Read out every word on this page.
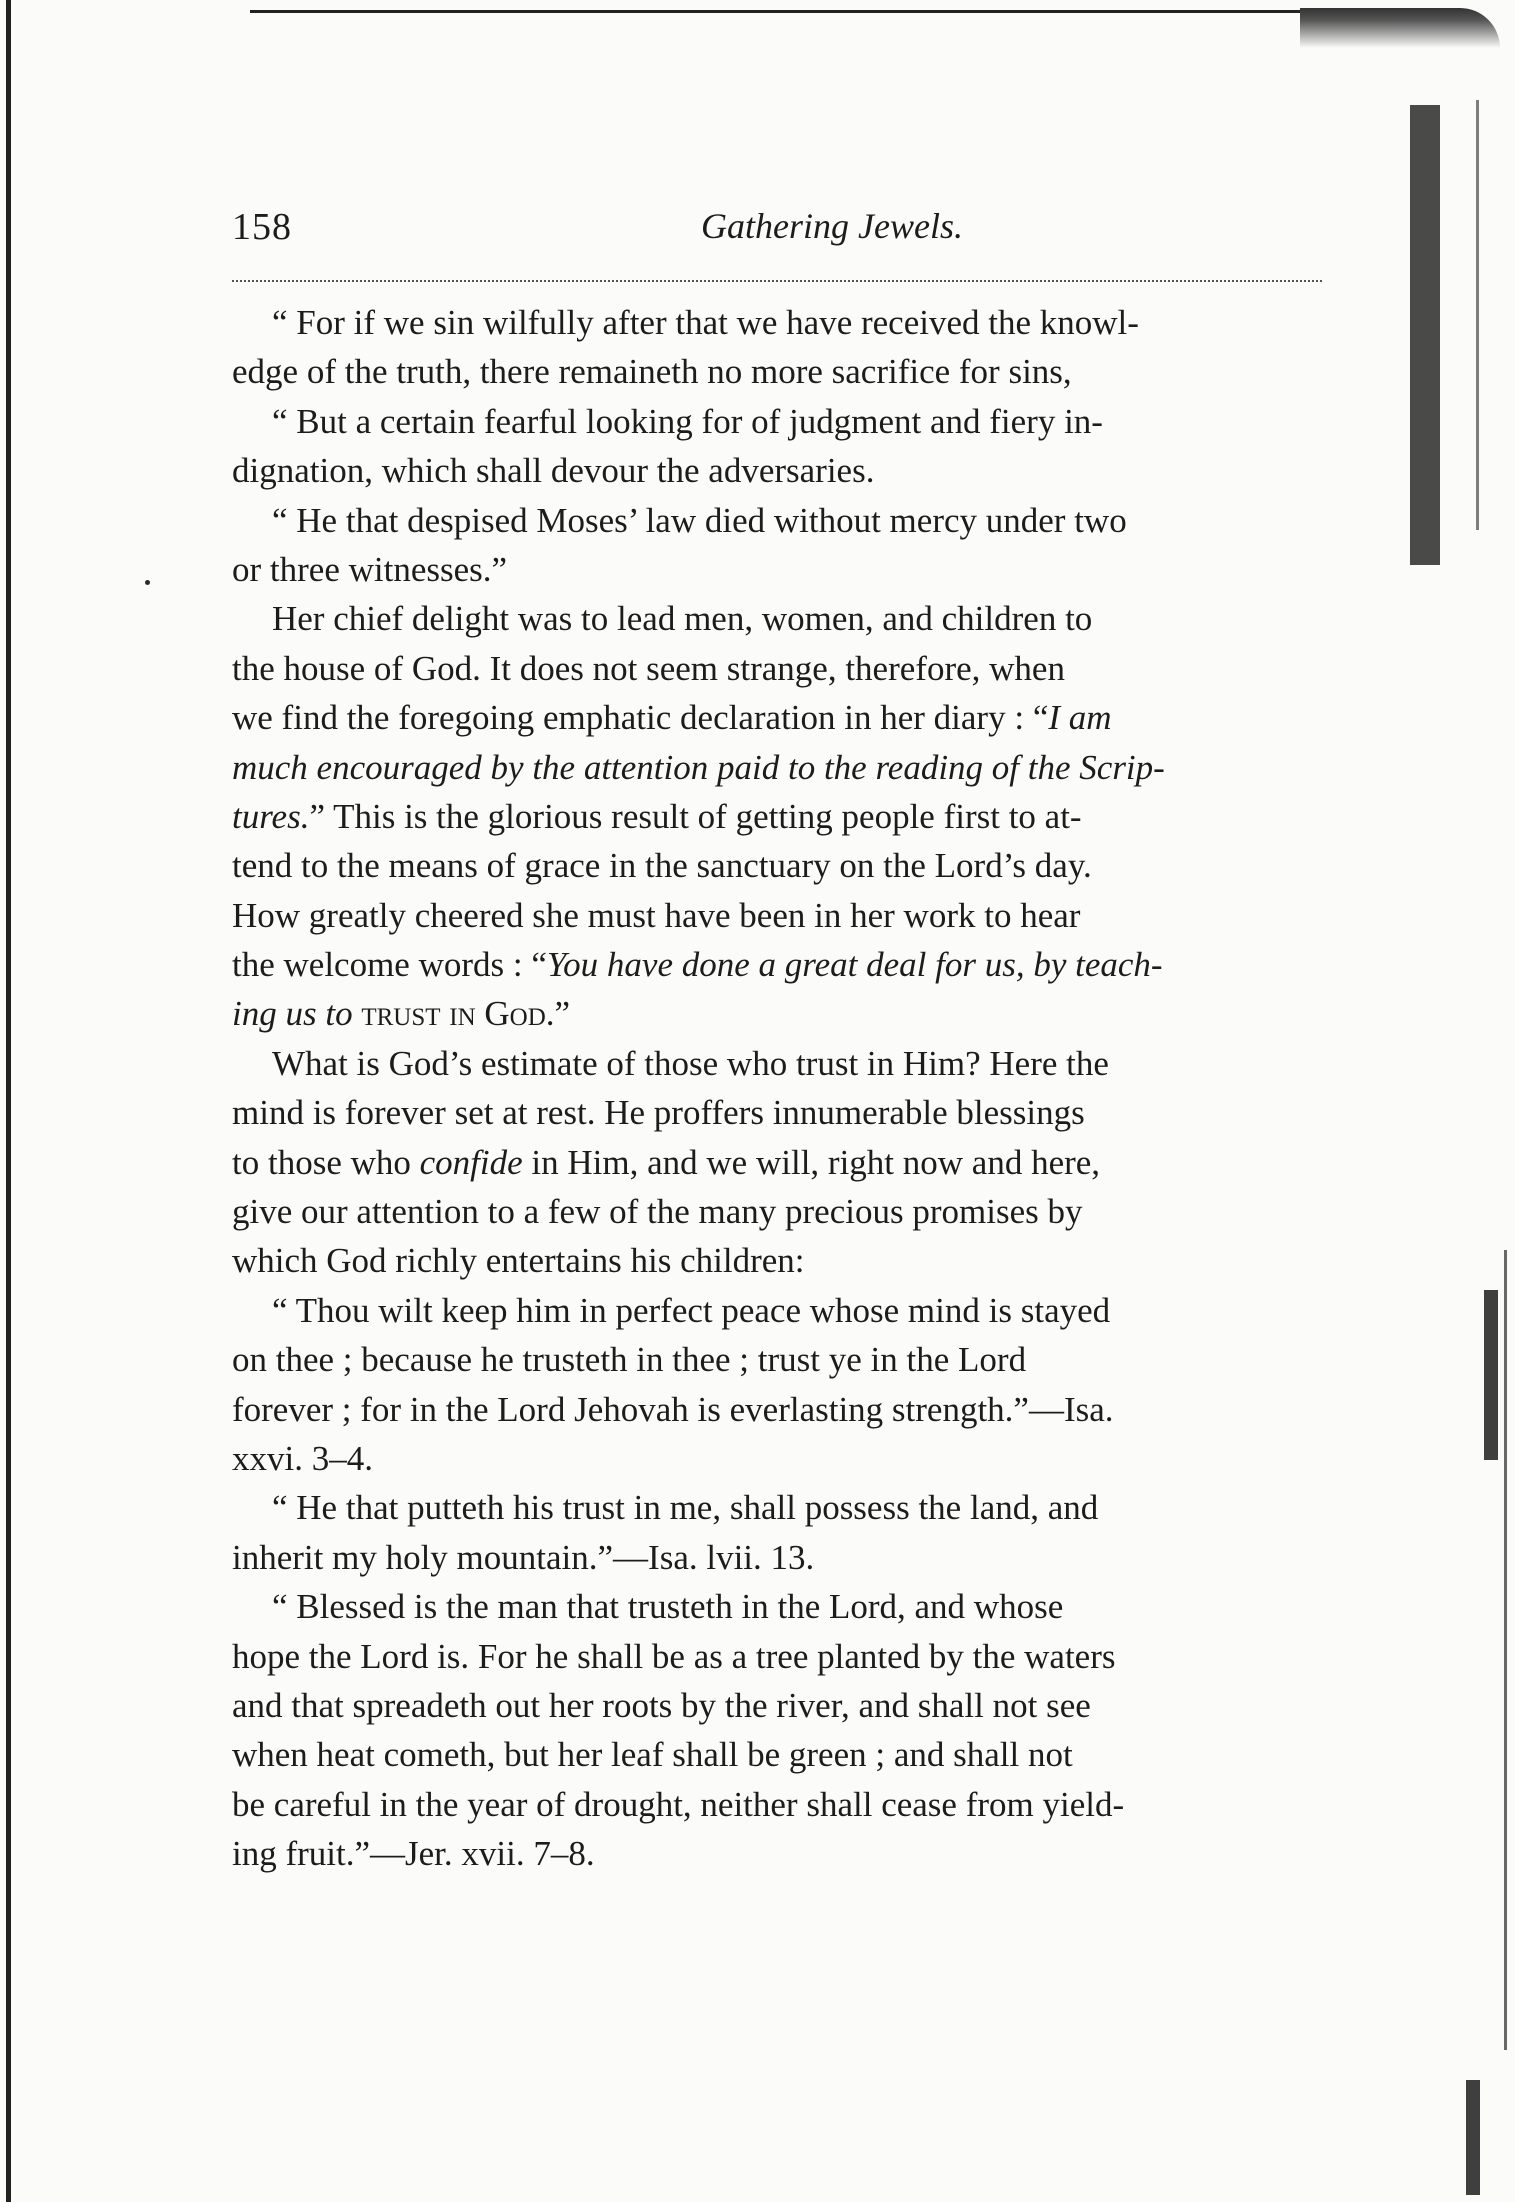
158	Gathering Jewels.
“ For if we sin wilfully after that we have received the knowl-
edge of the truth, there remaineth no more sacrifice for sins,
“ But a certain fearful looking for of judgment and fiery in-
dignation, which shall devour the adversaries.
“ He that despised Moses’ law died without mercy under two
or three witnesses.”
Her chief delight was to lead men, women, and children to
the house of God. It does not seem strange, therefore, when
we find the foregoing emphatic declaration in her diary : “I am
much encouraged by the attention paid to the reading of the Scrip-
tures.” This is the glorious result of getting people first to at-
tend to the means of grace in the sanctuary on the Lord’s day.
How greatly cheered she must have been in her work to hear
the welcome words : “You have done a great deal for us, by teach-
ing us to trust in God.”
What is God’s estimate of those who trust in Him? Here the
mind is forever set at rest. He proffers innumerable blessings
to those who confide in Him, and we will, right now and here,
give our attention to a few of the many precious promises by
which God richly entertains his children:
“ Thou wilt keep him in perfect peace whose mind is stayed
on thee ; because he trusteth in thee ; trust ye in the Lord
forever ; for in the Lord Jehovah is everlasting strength.”—Isa.
xxvi. 3–4.
“ He that putteth his trust in me, shall possess the land, and
inherit my holy mountain.”—Isa. lvii. 13.
“ Blessed is the man that trusteth in the Lord, and whose
hope the Lord is. For he shall be as a tree planted by the waters
and that spreadeth out her roots by the river, and shall not see
when heat cometh, but her leaf shall be green ; and shall not
be careful in the year of drought, neither shall cease from yield-
ing fruit.”—Jer. xvii. 7–8.
